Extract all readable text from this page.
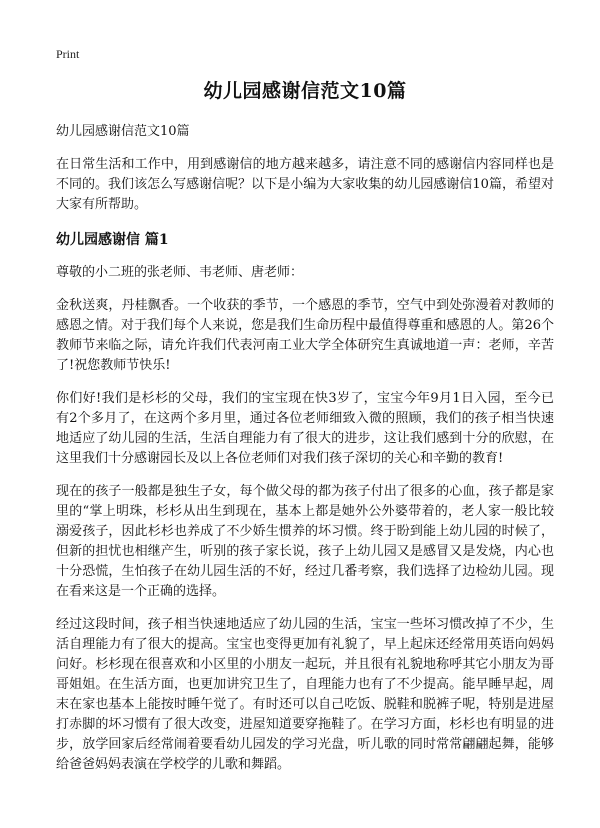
Print

幼儿园感谢信范文10篇

幼儿园感谢信范文10篇

在日常生活和工作中，用到感谢信的地方越来越多，请注意不同的感谢信内容同样也是不同的。我们该怎么写感谢信呢？以下是小编为大家收集的幼儿园感谢信10篇，希望对大家有所帮助。

幼儿园感谢信 篇1

尊敬的小二班的张老师、韦老师、唐老师：

金秋送爽，丹桂飘香。一个收获的季节，一个感恩的季节，空气中到处弥漫着对教师的感恩之情。对于我们每个人来说，您是我们生命历程中最值得尊重和感恩的人。第26个教师节来临之际，请允许我们代表河南工业大学全体研究生真诚地道一声：老师，辛苦了!祝您教师节快乐!

你们好!我们是杉杉的父母，我们的宝宝现在快3岁了，宝宝今年9月1日入园，至今已有2个多月了，在这两个多月里，通过各位老师细致入微的照顾，我们的孩子相当快速地适应了幼儿园的生活，生活自理能力有了很大的进步，这让我们感到十分的欣慰，在这里我们十分感谢园长及以上各位老师们对我们孩子深切的关心和辛勤的教育!

现在的孩子一般都是独生子女，每个做父母的都为孩子付出了很多的心血，孩子都是家里的“掌上明珠，杉杉从出生到现在，基本上都是她外公外婆带着的，老人家一般比较溺爱孩子，因此杉杉也养成了不少娇生惯养的坏习惯。终于盼到能上幼儿园的时候了，但新的担忧也相继产生，听别的孩子家长说，孩子上幼儿园又是感冒又是发烧，内心也十分恐慌，生怕孩子在幼儿园生活的不好，经过几番考察，我们选择了边检幼儿园。现在看来这是一个正确的选择。

经过这段时间，孩子相当快速地适应了幼儿园的生活，宝宝一些坏习惯改掉了不少，生活自理能力有了很大的提高。宝宝也变得更加有礼貌了，早上起床还经常用英语向妈妈问好。杉杉现在很喜欢和小区里的小朋友一起玩，并且很有礼貌地称呼其它小朋友为哥哥姐姐。在生活方面，也更加讲究卫生了，自理能力也有了不少提高。能早睡早起，周末在家也基本上能按时睡午觉了。有时还可以自己吃饭、脱鞋和脱裤子呢，特别是进屋打赤脚的坏习惯有了很大改变，进屋知道要穿拖鞋了。在学习方面，杉杉也有明显的进步，放学回家后经常闹着要看幼儿园发的学习光盘，听儿歌的同时常常翩翩起舞，能够给爸爸妈妈表演在学校学的儿歌和舞蹈。
